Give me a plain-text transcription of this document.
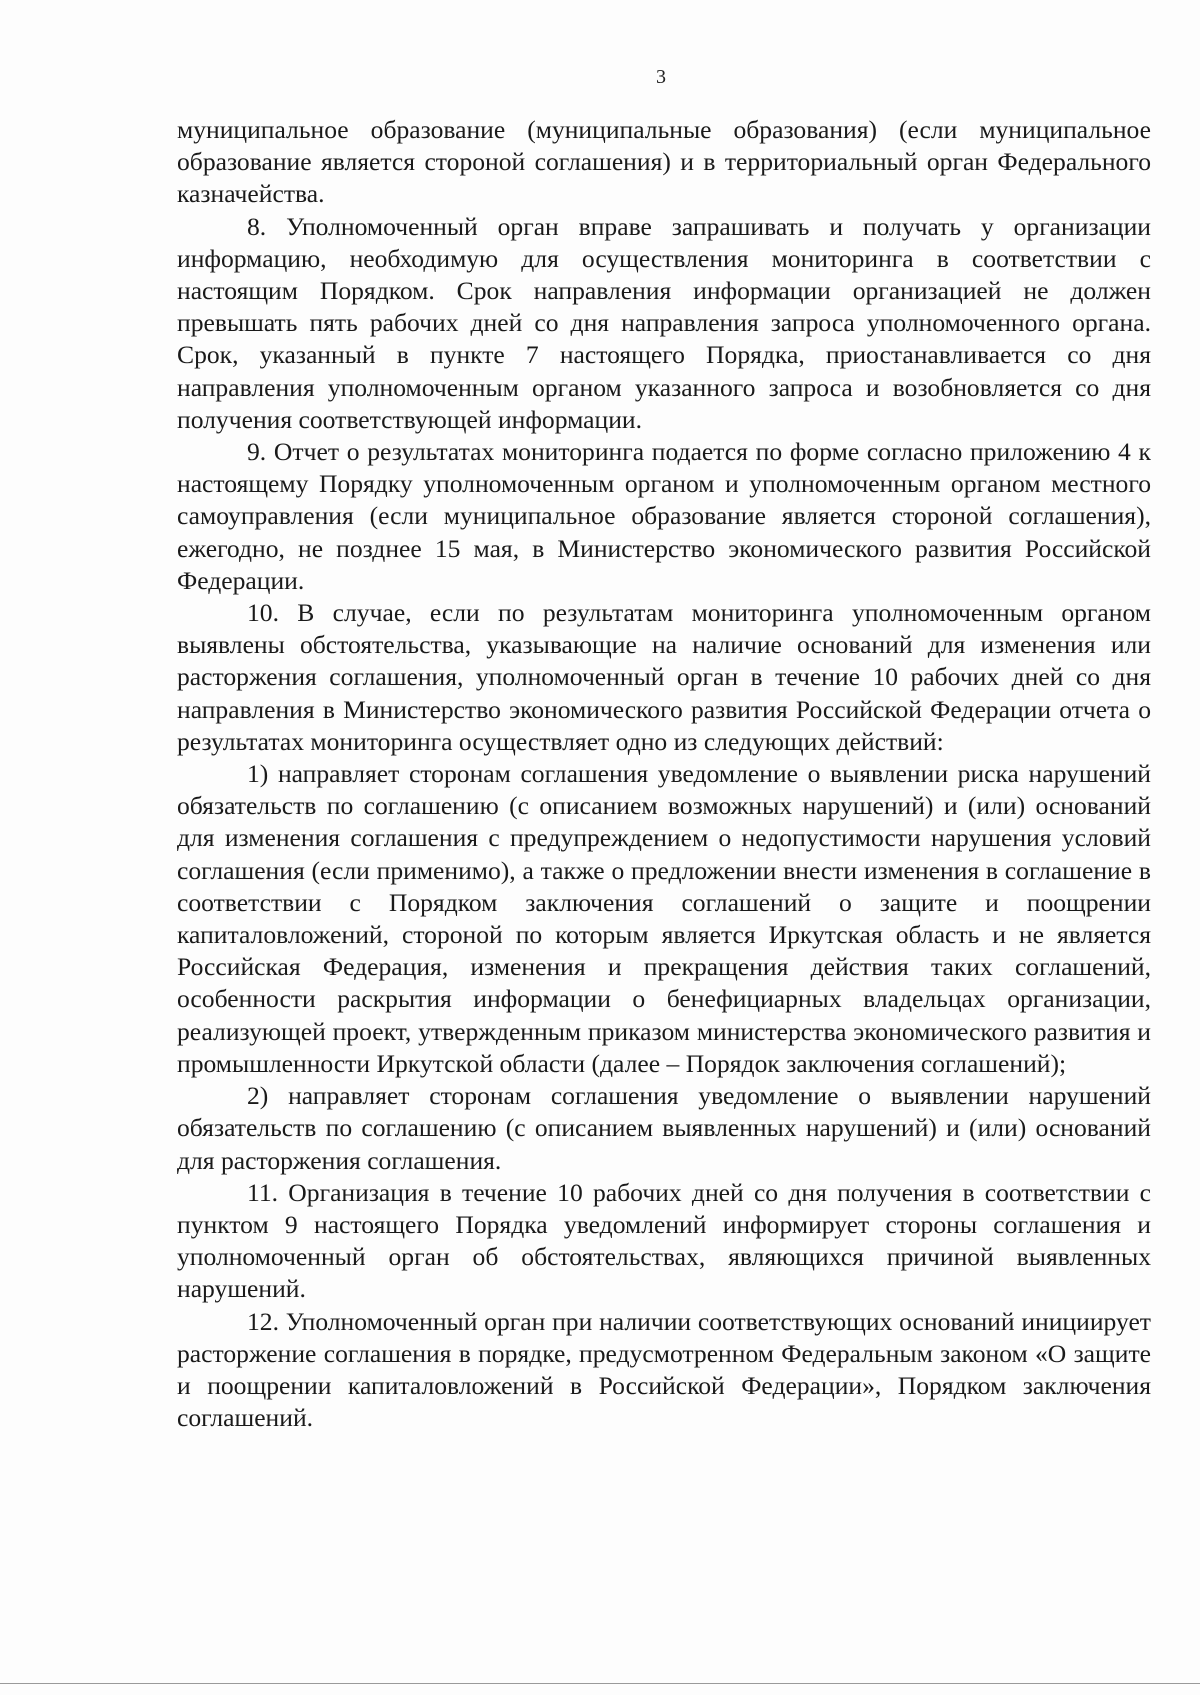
3

муниципальное образование (муниципальные образования) (если муниципальное образование является стороной соглашения) и в территориальный орган Федерального казначейства.

8. Уполномоченный орган вправе запрашивать и получать у организации информацию, необходимую для осуществления мониторинга в соответствии с настоящим Порядком. Срок направления информации организацией не должен превышать пять рабочих дней со дня направления запроса уполномоченного органа. Срок, указанный в пункте 7 настоящего Порядка, приостанавливается со дня направления уполномоченным органом указанного запроса и возобновляется со дня получения соответствующей информации.

9. Отчет о результатах мониторинга подается по форме согласно приложению 4 к настоящему Порядку уполномоченным органом и уполномоченным органом местного самоуправления (если муниципальное образование является стороной соглашения), ежегодно, не позднее 15 мая, в Министерство экономического развития Российской Федерации.

10. В случае, если по результатам мониторинга уполномоченным органом выявлены обстоятельства, указывающие на наличие оснований для изменения или расторжения соглашения, уполномоченный орган в течение 10 рабочих дней со дня направления в Министерство экономического развития Российской Федерации отчета о результатах мониторинга осуществляет одно из следующих действий:

1) направляет сторонам соглашения уведомление о выявлении риска нарушений обязательств по соглашению (с описанием возможных нарушений) и (или) оснований для изменения соглашения с предупреждением о недопустимости нарушения условий соглашения (если применимо), а также о предложении внести изменения в соглашение в соответствии с Порядком заключения соглашений о защите и поощрении капиталовложений, стороной по которым является Иркутская область и не является Российская Федерация, изменения и прекращения действия таких соглашений, особенности раскрытия информации о бенефициарных владельцах организации, реализующей проект, утвержденным приказом министерства экономического развития и промышленности Иркутской области (далее – Порядок заключения соглашений);

2) направляет сторонам соглашения уведомление о выявлении нарушений обязательств по соглашению (с описанием выявленных нарушений) и (или) оснований для расторжения соглашения.

11. Организация в течение 10 рабочих дней со дня получения в соответствии с пунктом 9 настоящего Порядка уведомлений информирует стороны соглашения и уполномоченный орган об обстоятельствах, являющихся причиной выявленных нарушений.

12. Уполномоченный орган при наличии соответствующих оснований инициирует расторжение соглашения в порядке, предусмотренном Федеральным законом «О защите и поощрении капиталовложений в Российской Федерации», Порядком заключения соглашений.
